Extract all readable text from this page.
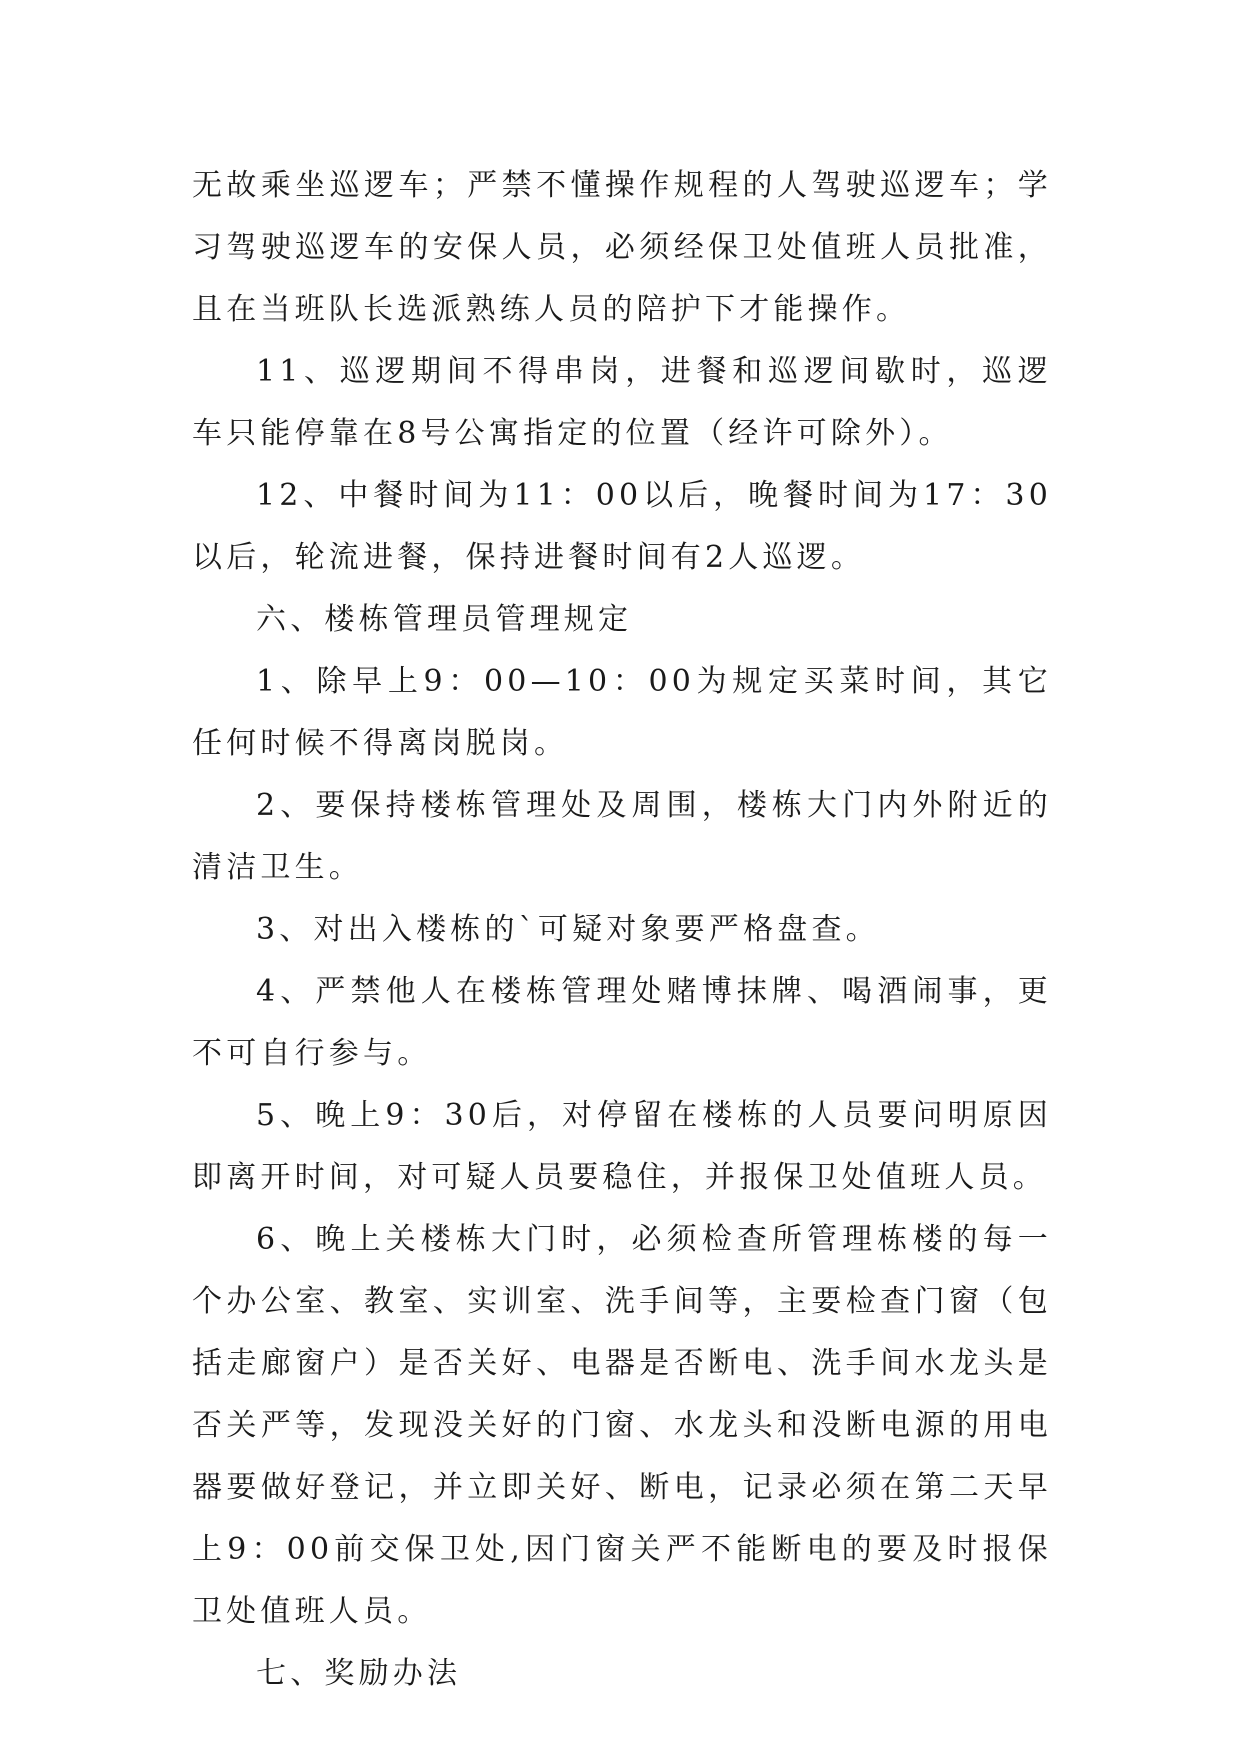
无故乘坐巡逻车；严禁不懂操作规程的人驾驶巡逻车；学习驾驶巡逻车的安保人员，必须经保卫处值班人员批准，且在当班队长选派熟练人员的陪护下才能操作。

11、巡逻期间不得串岗，进餐和巡逻间歇时，巡逻车只能停靠在8号公寓指定的位置（经许可除外）。

12、中餐时间为11：00以后，晚餐时间为17：30以后，轮流进餐，保持进餐时间有2人巡逻。

六、楼栋管理员管理规定

1、除早上9：00—10：00为规定买菜时间，其它任何时候不得离岗脱岗。

2、要保持楼栋管理处及周围，楼栋大门内外附近的清洁卫生。

3、对出入楼栋的`可疑对象要严格盘查。

4、严禁他人在楼栋管理处赌博抹牌、喝酒闹事，更不可自行参与。

5、晚上9：30后，对停留在楼栋的人员要问明原因即离开时间，对可疑人员要稳住，并报保卫处值班人员。

6、晚上关楼栋大门时，必须检查所管理栋楼的每一个办公室、教室、实训室、洗手间等，主要检查门窗（包括走廊窗户）是否关好、电器是否断电、洗手间水龙头是否关严等，发现没关好的门窗、水龙头和没断电源的用电器要做好登记，并立即关好、断电，记录必须在第二天早上9：00前交保卫处,因门窗关严不能断电的要及时报保卫处值班人员。

七、奖励办法
